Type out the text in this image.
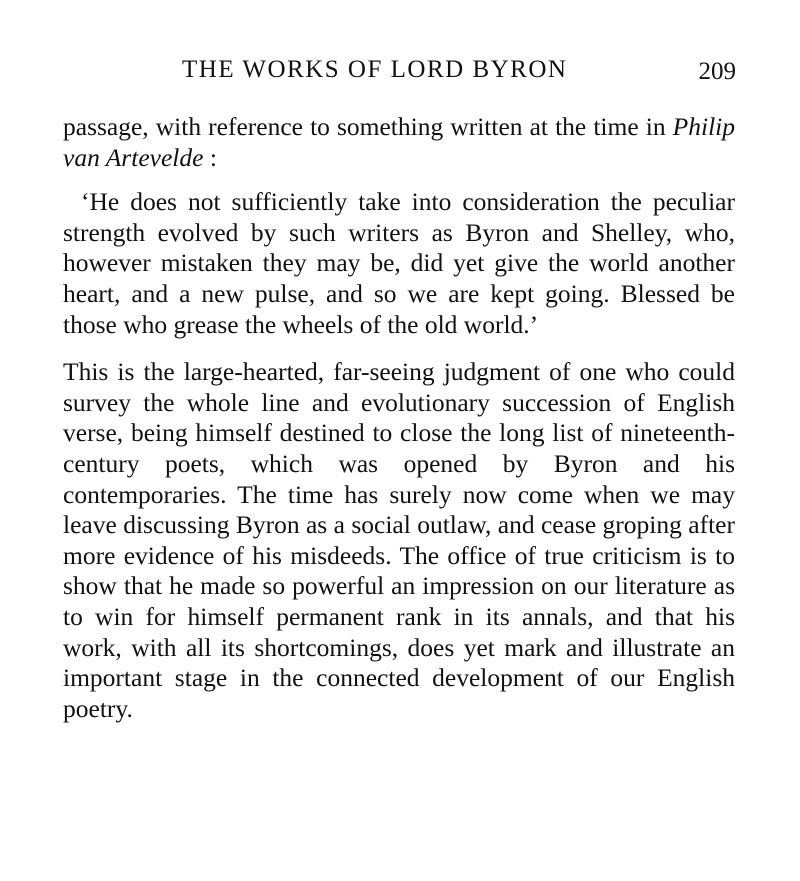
THE WORKS OF LORD BYRON	209

passage, with reference to something written at the time in Philip van Artevelde :

‘He does not sufficiently take into consideration the peculiar strength evolved by such writers as Byron and Shelley, who, however mistaken they may be, did yet give the world another heart, and a new pulse, and so we are kept going. Blessed be those who grease the wheels of the old world.’

This is the large-hearted, far-seeing judgment of one who could survey the whole line and evolutionary succession of English verse, being himself destined to close the long list of nineteenth-century poets, which was opened by Byron and his contemporaries. The time has surely now come when we may leave discussing Byron as a social outlaw, and cease groping after more evidence of his misdeeds. The office of true criticism is to show that he made so powerful an impression on our literature as to win for himself permanent rank in its annals, and that his work, with all its shortcomings, does yet mark and illustrate an important stage in the connected development of our English poetry.
